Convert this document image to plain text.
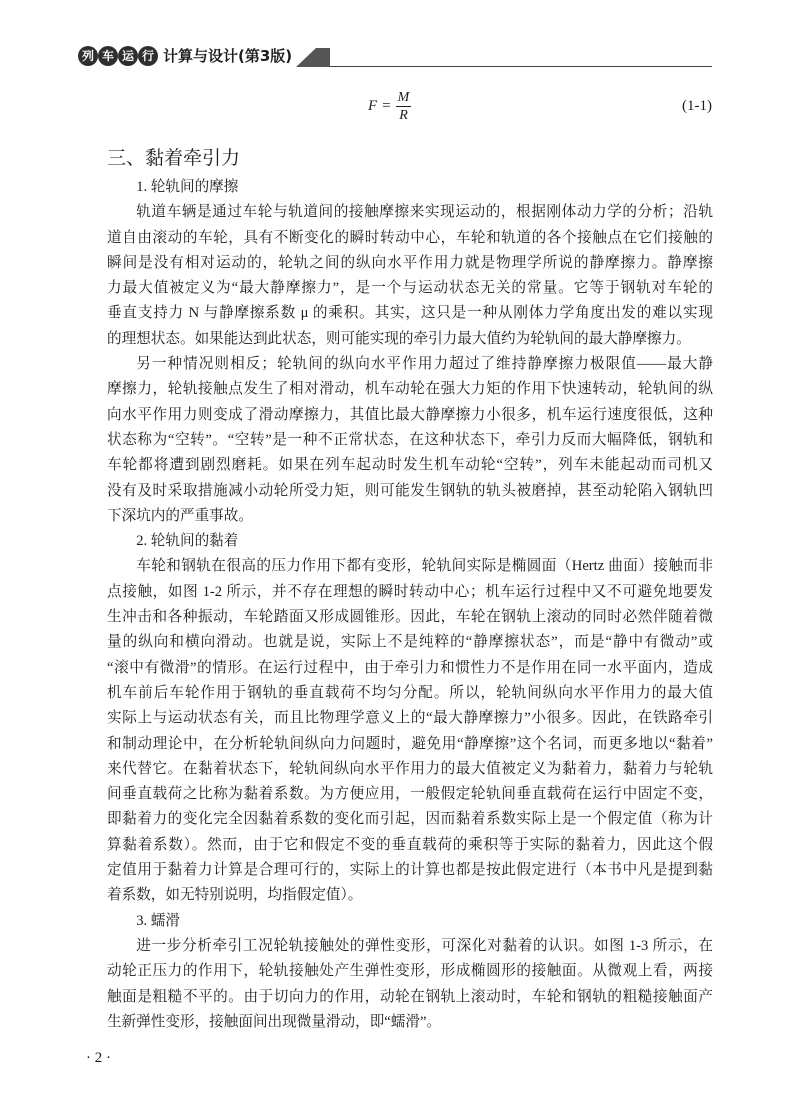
列 车 运 行 计算与设计(第3版)
$F = \frac{M}{R}$	(1-1)
三、黏着牵引力
1. 轮轨间的摩擦
轨道车辆是通过车轮与轨道间的接触摩擦来实现运动的，根据刚体动力学的分析；沿轨
道自由滚动的车轮，具有不断变化的瞬时转动中心，车轮和轨道的各个接触点在它们接触的
瞬间是没有相对运动的，轮轨之间的纵向水平作用力就是物理学所说的静摩擦力。静摩擦
力最大值被定义为“最大静摩擦力”，是一个与运动状态无关的常量。它等于钢轨对车轮的
垂直支持力 N 与静摩擦系数 μ 的乘积。其实，这只是一种从刚体力学角度出发的难以实现
的理想状态。如果能达到此状态，则可能实现的牵引力最大值约为轮轨间的最大静摩擦力。
另一种情况则相反；轮轨间的纵向水平作用力超过了维持静摩擦力极限值——最大静
摩擦力，轮轨接触点发生了相对滑动，机车动轮在强大力矩的作用下快速转动，轮轨间的纵
向水平作用力则变成了滑动摩擦力，其值比最大静摩擦力小很多，机车运行速度很低，这种
状态称为“空转”。“空转”是一种不正常状态，在这种状态下，牵引力反而大幅降低，钢轨和
车轮都将遭到剧烈磨耗。如果在列车起动时发生机车动轮“空转”，列车未能起动而司机又
没有及时采取措施减小动轮所受力矩，则可能发生钢轨的轨头被磨掉，甚至动轮陷入钢轨凹
下深坑内的严重事故。
2. 轮轨间的黏着
车轮和钢轨在很高的压力作用下都有变形，轮轨间实际是椭圆面（Hertz 曲面）接触而非
点接触，如图 1-2 所示，并不存在理想的瞬时转动中心；机车运行过程中又不可避免地要发
生冲击和各种振动，车轮踏面又形成圆锥形。因此，车轮在钢轨上滚动的同时必然伴随着微
量的纵向和横向滑动。也就是说，实际上不是纯粹的“静摩擦状态”，而是“静中有微动”或
“滚中有微滑”的情形。在运行过程中，由于牵引力和惯性力不是作用在同一水平面内，造成
机车前后车轮作用于钢轨的垂直载荷不均匀分配。所以，轮轨间纵向水平作用力的最大值
实际上与运动状态有关，而且比物理学意义上的“最大静摩擦力”小很多。因此，在铁路牵引
和制动理论中，在分析轮轨间纵向力问题时，避免用“静摩擦”这个名词，而更多地以“黏着”
来代替它。在黏着状态下，轮轨间纵向水平作用力的最大值被定义为黏着力，黏着力与轮轨
间垂直载荷之比称为黏着系数。为方便应用，一般假定轮轨间垂直载荷在运行中固定不变，
即黏着力的变化完全因黏着系数的变化而引起，因而黏着系数实际上是一个假定值（称为计
算黏着系数）。然而，由于它和假定不变的垂直载荷的乘积等于实际的黏着力，因此这个假
定值用于黏着力计算是合理可行的，实际上的计算也都是按此假定进行（本书中凡是提到黏
着系数，如无特别说明，均指假定值）。
3. 蠕滑
进一步分析牵引工况轮轨接触处的弹性变形，可深化对黏着的认识。如图 1-3 所示，在
动轮正压力的作用下，轮轨接触处产生弹性变形，形成椭圆形的接触面。从微观上看，两接
触面是粗糙不平的。由于切向力的作用，动轮在钢轨上滚动时，车轮和钢轨的粗糙接触面产
生新弹性变形，接触面间出现微量滑动，即“蠕滑”。
· 2 ·
